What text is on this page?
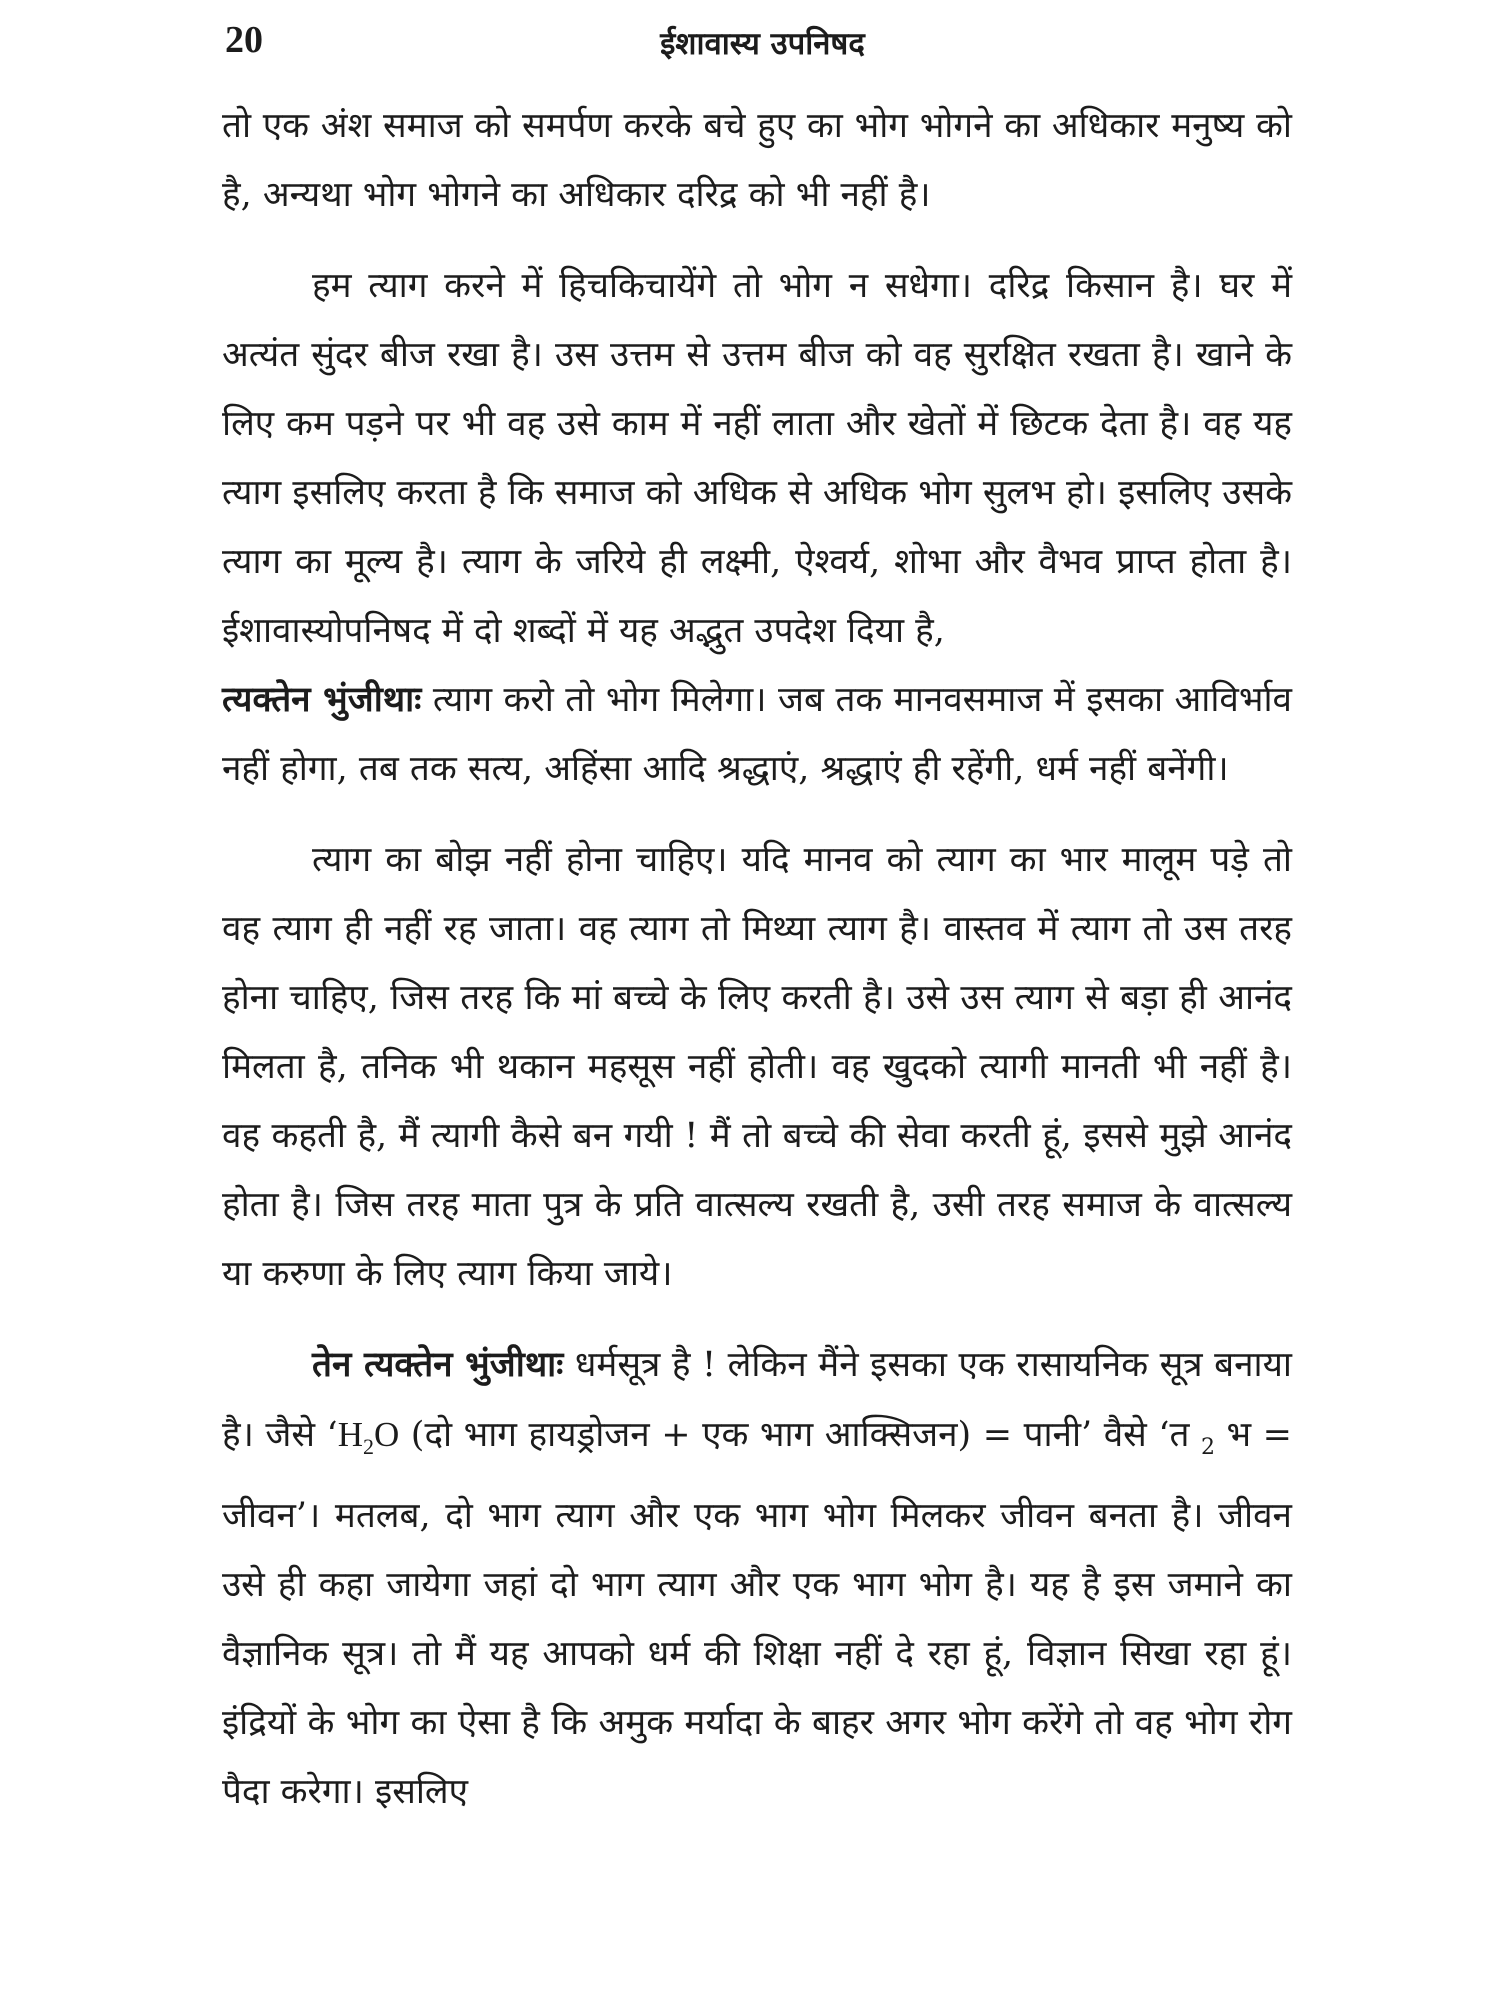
20	ईशावास्य उपनिषद

तो एक अंश समाज को समर्पण करके बचे हुए का भोग भोगने का अधिकार मनुष्य को है, अन्यथा भोग भोगने का अधिकार दरिद्र को भी नहीं है।

हम त्याग करने में हिचकिचायेंगे तो भोग न सधेगा। दरिद्र किसान है। घर में अत्यंत सुंदर बीज रखा है। उस उत्तम से उत्तम बीज को वह सुरक्षित रखता है। खाने के लिए कम पड़ने पर भी वह उसे काम में नहीं लाता और खेतों में छिटक देता है। वह यह त्याग इसलिए करता है कि समाज को अधिक से अधिक भोग सुलभ हो। इसलिए उसके त्याग का मूल्य है। त्याग के जरिये ही लक्ष्मी, ऐश्वर्य, शोभा और वैभव प्राप्त होता है। ईशावास्योपनिषद में दो शब्दों में यह अद्भुत उपदेश दिया है,
त्यक्तेन भुंजीथाः त्याग करो तो भोग मिलेगा। जब तक मानवसमाज में इसका आविर्भाव नहीं होगा, तब तक सत्य, अहिंसा आदि श्रद्धाएं, श्रद्धाएं ही रहेंगी, धर्म नहीं बनेंगी।

त्याग का बोझ नहीं होना चाहिए। यदि मानव को त्याग का भार मालूम पड़े तो वह त्याग ही नहीं रह जाता। वह त्याग तो मिथ्या त्याग है। वास्तव में त्याग तो उस तरह होना चाहिए, जिस तरह कि मां बच्चे के लिए करती है। उसे उस त्याग से बड़ा ही आनंद मिलता है, तनिक भी थकान महसूस नहीं होती। वह खुदको त्यागी मानती भी नहीं है। वह कहती है, मैं त्यागी कैसे बन गयी ! मैं तो बच्चे की सेवा करती हूं, इससे मुझे आनंद होता है। जिस तरह माता पुत्र के प्रति वात्सल्य रखती है, उसी तरह समाज के वात्सल्य या करुणा के लिए त्याग किया जाये।

तेन त्यक्तेन भुंजीथाः धर्मसूत्र है ! लेकिन मैंने इसका एक रासायनिक सूत्र बनाया है। जैसे ‘$H_2O$ (दो भाग हायड्रोजन + एक भाग आक्सिजन) = पानी’ वैसे ‘त $_2$ भ = जीवन’। मतलब, दो भाग त्याग और एक भाग भोग मिलकर जीवन बनता है। जीवन उसे ही कहा जायेगा जहां दो भाग त्याग और एक भाग भोग है। यह है इस जमाने का वैज्ञानिक सूत्र। तो मैं यह आपको धर्म की शिक्षा नहीं दे रहा हूं, विज्ञान सिखा रहा हूं। इंद्रियों के भोग का ऐसा है कि अमुक मर्यादा के बाहर अगर भोग करेंगे तो वह भोग रोग पैदा करेगा। इसलिए
